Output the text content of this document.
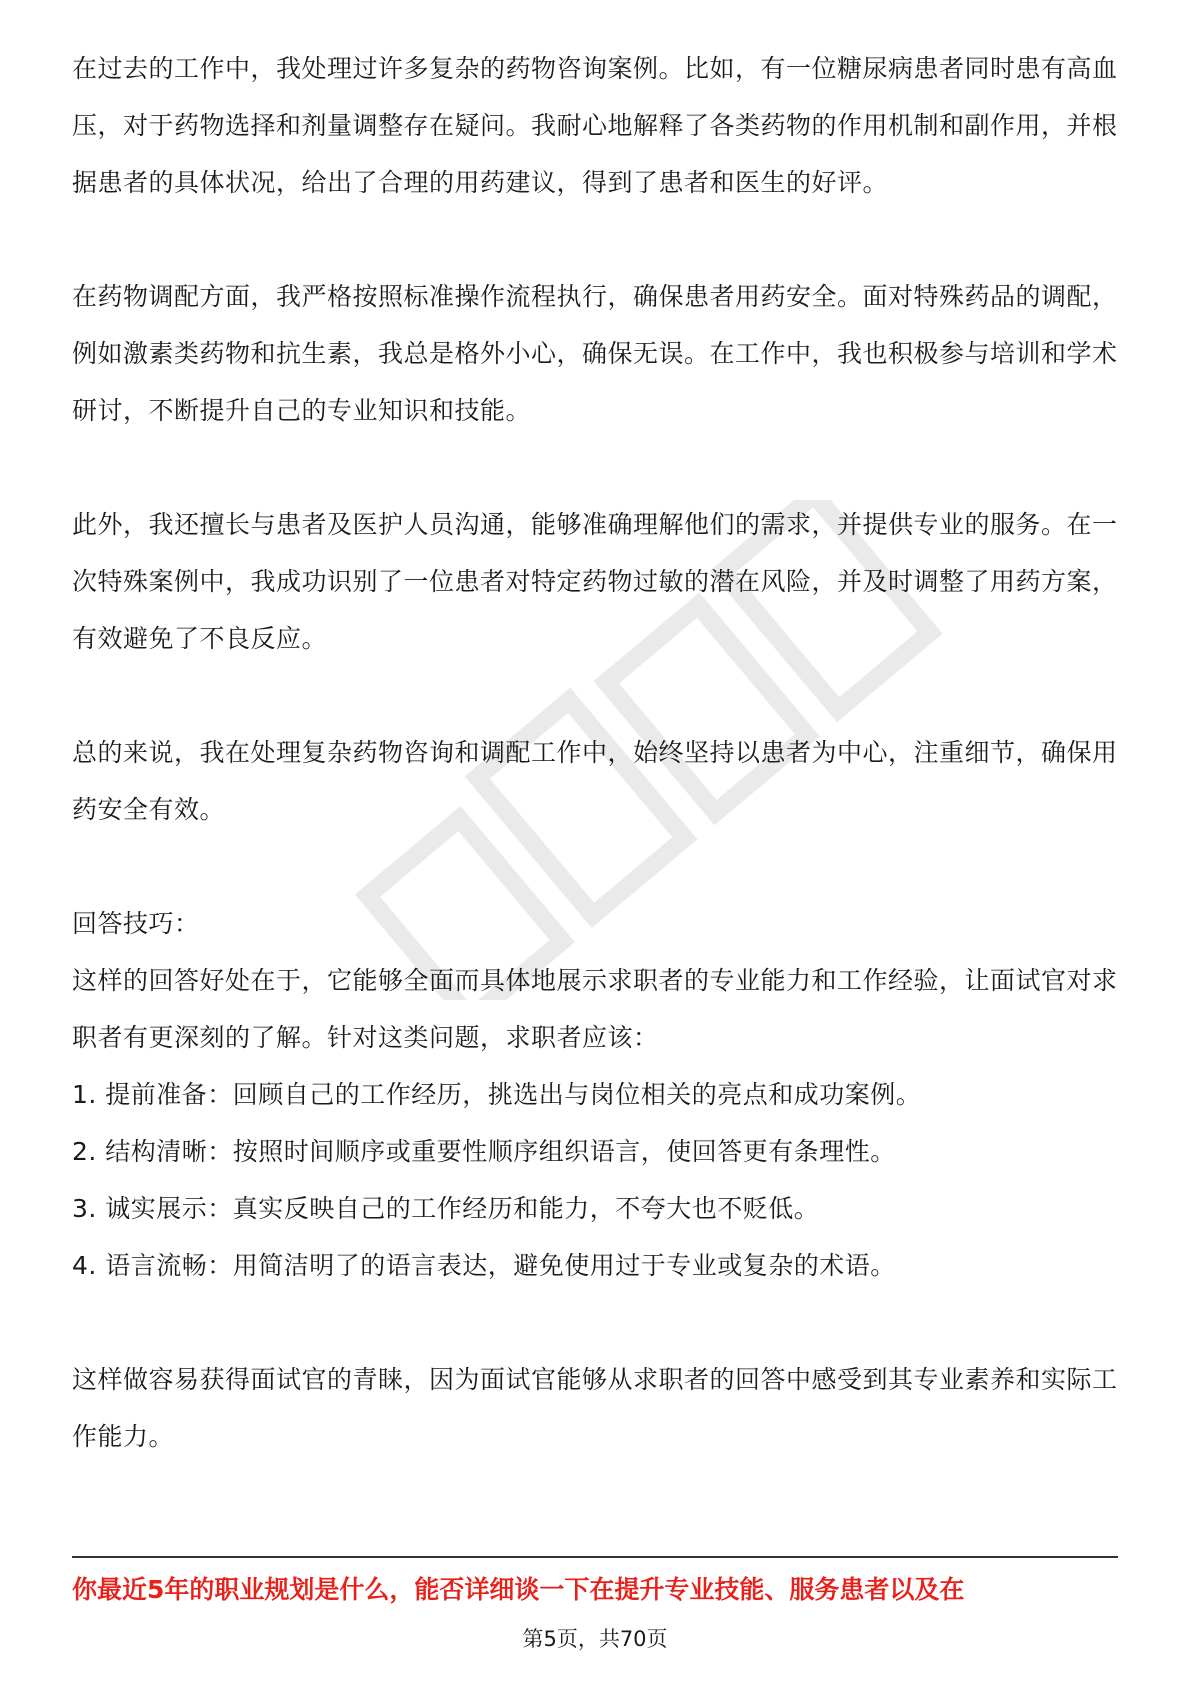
在过去的工作中，我处理过许多复杂的药物咨询案例。比如，有一位糖尿病患者同时患有高血压，对于药物选择和剂量调整存在疑问。我耐心地解释了各类药物的作用机制和副作用，并根据患者的具体状况，给出了合理的用药建议，得到了患者和医生的好评。

在药物调配方面，我严格按照标准操作流程执行，确保患者用药安全。面对特殊药品的调配，例如激素类药物和抗生素，我总是格外小心，确保无误。在工作中，我也积极参与培训和学术研讨，不断提升自己的专业知识和技能。

此外，我还擅长与患者及医护人员沟通，能够准确理解他们的需求，并提供专业的服务。在一次特殊案例中，我成功识别了一位患者对特定药物过敏的潜在风险，并及时调整了用药方案，有效避免了不良反应。

总的来说，我在处理复杂药物咨询和调配工作中，始终坚持以患者为中心，注重细节，确保用药安全有效。

回答技巧：

这样的回答好处在于，它能够全面而具体地展示求职者的专业能力和工作经验，让面试官对求职者有更深刻的了解。针对这类问题，求职者应该：

1. 提前准备：回顾自己的工作经历，挑选出与岗位相关的亮点和成功案例。

2. 结构清晰：按照时间顺序或重要性顺序组织语言，使回答更有条理性。

3. 诚实展示：真实反映自己的工作经历和能力，不夸大也不贬低。

4. 语言流畅：用简洁明了的语言表达，避免使用过于专业或复杂的术语。

这样做容易获得面试官的青睐，因为面试官能够从求职者的回答中感受到其专业素养和实际工作能力。

你最近5年的职业规划是什么，能否详细谈一下在提升专业技能、服务患者以及在
第5页，共70页
